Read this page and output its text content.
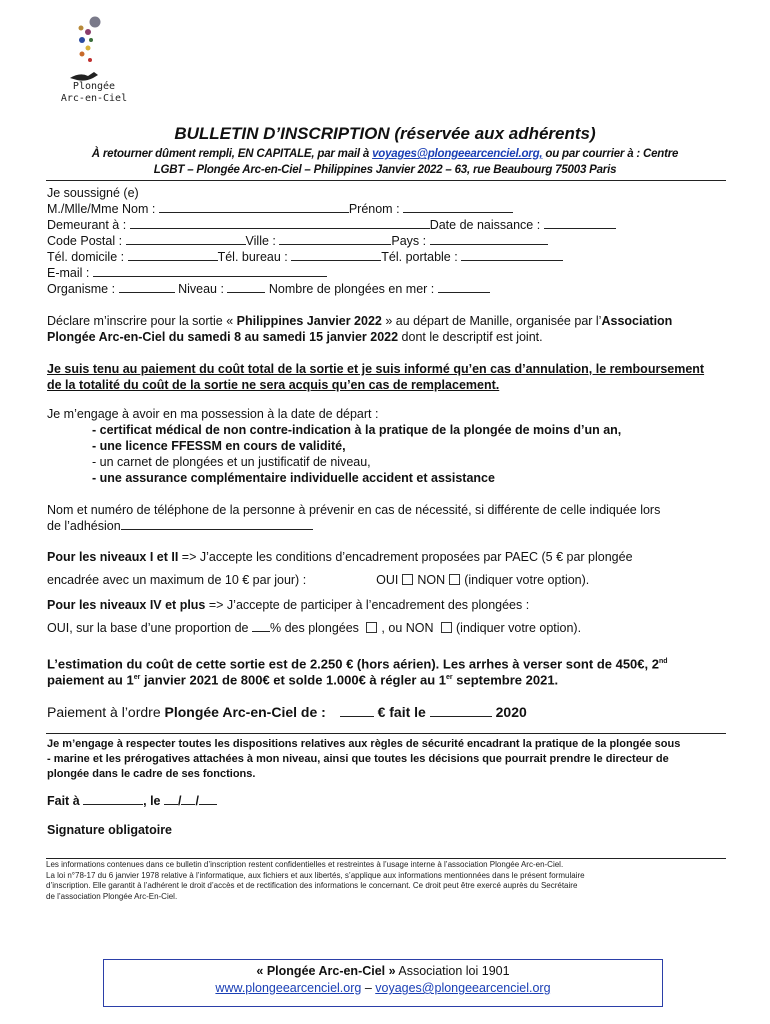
Plongée
Arc-en-Ciel
BULLETIN D’INSCRIPTION (réservée aux adhérents)
À retourner dûment rempli, EN CAPITALE, par mail à voyages@plongeearcenciel.org, ou par courrier à : Centre
LGBT – Plongée Arc-en-Ciel – Philippines Janvier 2022 – 63, rue Beaubourg 75003 Paris
Je soussigné (e)
M./Mlle/Mme Nom :	Prénom :
Demeurant à :	Date de naissance :
Code Postal :	Ville :	Pays :
Tél. domicile :	Tél. bureau :	Tél. portable :
E-mail :
Organisme :	Niveau :	Nombre de plongées en mer :
Déclare m’inscrire pour la sortie « Philippines Janvier 2022 » au départ de Manille, organisée par l’Association
Plongée Arc-en-Ciel du samedi 8 au samedi 15 janvier 2022 dont le descriptif est joint.
Je suis tenu au paiement du coût total de la sortie et je suis informé qu’en cas d’annulation, le remboursement
de la totalité du coût de la sortie ne sera acquis qu’en cas de remplacement.
Je m’engage à avoir en ma possession à la date de départ :
- certificat médical de non contre-indication à la pratique de la plongée de moins d’un an,
- une licence FFESSM en cours de validité,
- un carnet de plongées et un justificatif de niveau,
- une assurance complémentaire individuelle accident et assistance
Nom et numéro de téléphone de la personne à prévenir en cas de nécessité, si différente de celle indiquée lors
de l’adhésion
Pour les niveaux I et II => J’accepte les conditions d’encadrement proposées par PAEC (5 € par plongée
encadrée avec un maximum de 10 € par jour) :	OUI NON (indiquer votre option).
Pour les niveaux IV et plus => J’accepte de participer à l’encadrement des plongées :
OUI, sur la base d’une proportion de % des plongées , ou NON (indiquer votre option).
L’estimation du coût de cette sortie est de 2.250 € (hors aérien). Les arrhes à verser sont de 450€, 2nd
paiement au 1er janvier 2021 de 800€ et solde 1.000€ à régler au 1er septembre 2021.
Paiement à l’ordre Plongée Arc-en-Ciel de :	€ fait le	2020
Je m’engage à respecter toutes les dispositions relatives aux règles de sécurité encadrant la pratique de la plongée sous
- marine et les prérogatives attachées à mon niveau, ainsi que toutes les décisions que pourrait prendre le directeur de
plongée dans le cadre de ses fonctions.
Fait à	, le / /
Signature obligatoire
Les informations contenues dans ce bulletin d’inscription restent confidentielles et restreintes à l’usage interne à l’association Plongée Arc-en-Ciel.
La loi n°78-17 du 6 janvier 1978 relative à l’informatique, aux fichiers et aux libertés, s’applique aux informations mentionnées dans le présent formulaire
d’inscription. Elle garantit à l’adhérent le droit d’accès et de rectification des informations le concernant. Ce droit peut être exercé auprès du Secrétaire
de l’association Plongée Arc-En-Ciel.
« Plongée Arc-en-Ciel » Association loi 1901
www.plongeearcenciel.org – voyages@plongeearcenciel.org
